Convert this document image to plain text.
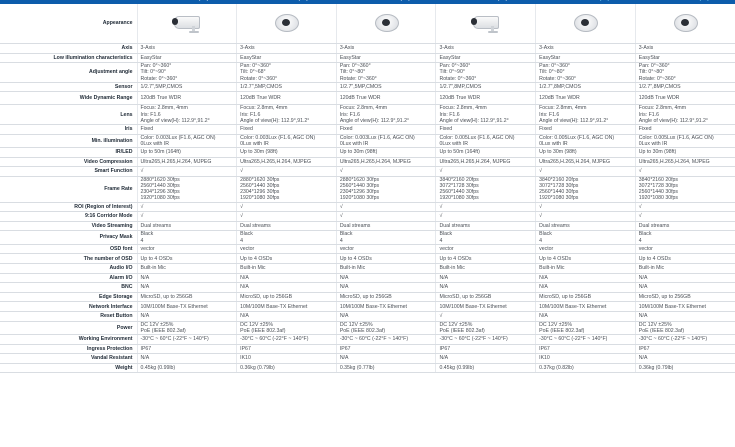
Appearance	

Axis	3-Axis	3-Axis	3-Axis	3-Axis	3-Axis	3-Axis

Low illumination characteristics	EasyStar	EasyStar	EasyStar	EasyStar	EasyStar	EasyStar

Adjustment angle	Pan: 0°~360°
Tilt: 0°~90°
Rotate: 0°~360°	Pan: 0°~360°
Tilt: 0°~68°
Rotate: 0°~360°	Pan: 0°~360°
Tilt: 0°~80°
Rotate: 0°~360°	Pan: 0°~360°
Tilt: 0°~90°
Rotate: 0°~360°	Pan: 0°~360°
Tilt: 0°~80°
Rotate: 0°~360°	Pan: 0°~360°
Tilt: 0°~80°
Rotate: 0°~360°

Sensor	1/2.7",5MP,CMOS	1/2.7",5MP,CMOS	1/2.7",5MP,CMOS	1/2.7",8MP,CMOS	1/2.7",8MP,CMOS	1/2.7",8MP,CMOS

Wide Dynamic Range	120dB True WDR	120dB True WDR	120dB True WDR	120dB True WDR	120dB True WDR	120dB True WDR

Lens	Focus: 2.8mm, 4mm
Iris: F1.6
Angle of view(H): 112.9°,91.2°	Focus: 2.8mm, 4mm
Iris: F1.6
Angle of view(H): 112.9°,91.2°	Focus: 2.8mm, 4mm
Iris: F1.6
Angle of view(H): 112.9°,91.2°	Focus: 2.8mm, 4mm
Iris: F1.6
Angle of view(H): 112.9°,91.2°	Focus: 2.8mm, 4mm
Iris: F1.6
Angle of view(H): 112.9°,91.2°	Focus: 2.8mm, 4mm
Iris: F1.6
Angle of view(H): 112.9°,91.2°

Iris	Fixed	Fixed	Fixed	Fixed	Fixed	Fixed

Min. illumination	Color: 0.003Lux (F1.6, AGC ON)
0Lux with IR	Color: 0.003Lux (F1.6, AGC ON)
0Lux with IR	Color: 0.003Lux (F1.6, AGC ON)
0Lux with IR	Color: 0.005Lux (F1.6, AGC ON)
0Lux with IR	Color: 0.005Lux (F1.6, AGC ON)
0Lux with IR	Color: 0.005Lux (F1.6, AGC ON)
0Lux with IR

IR/LED	Up to 50m (164ft)	Up to 30m (98ft)	Up to 30m (98ft)	Up to 50m (164ft)	Up to 30m (98ft)	Up to 30m (98ft)

Video Compression	Ultra265,H.265,H.264, MJPEG	Ultra265,H.265,H.264, MJPEG	Ultra265,H.265,H.264, MJPEG	Ultra265,H.265,H.264, MJPEG	Ultra265,H.265,H.264, MJPEG	Ultra265,H.265,H.264, MJPEG

Smart Function	√	√	√	√	√	√

Frame Rate	2880*1620 30fps
2560*1440 30fps
2304*1296 30fps
1920*1080 30fps	2880*1620 30fps
2560*1440 30fps
2304*1296 30fps
1920*1080 30fps	2880*1620 30fps
2560*1440 30fps
2304*1296 30fps
1920*1080 30fps	3840*2160 20fps
3072*1728 30fps
2560*1440 30fps
1920*1080 30fps	3840*2160 20fps
3072*1728 30fps
2560*1440 30fps
1920*1080 30fps	3840*2160 20fps
3072*1728 30fps
2560*1440 30fps
1920*1080 30fps

ROI (Region of Interest)	√	√	√	√	√	√

9:16 Corridor Mode	√	√	√	√	√	√

Video Streaming	Dual streams	Dual streams	Dual streams	Dual streams	Dual streams	Dual streams

Privacy Mask	Black
4	Black
4	Black
4	Black
4	Black
4	Black
4

OSD font	vector	vector	vector	vector	vector	vector

The number of OSD	Up to 4 OSDs	Up to 4 OSDs	Up to 4 OSDs	Up to 4 OSDs	Up to 4 OSDs	Up to 4 OSDs

Audio I/O	Built-in Mic	Built-in Mic	Built-in Mic	Built-in Mic	Built-in Mic	Built-in Mic

Alarm I/O	N/A	N/A	N/A	N/A	N/A	N/A

BNC	N/A	N/A	N/A	N/A	N/A	N/A

Edge Storage	MicroSD, up to 256GB	MicroSD, up to 256GB	MicroSD, up to 256GB	MicroSD, up to 256GB	MicroSD, up to 256GB	MicroSD, up to 256GB

Network Interface	10M/100M Base-TX Ethernet	10M/100M Base-TX Ethernet	10M/100M Base-TX Ethernet	10M/100M Base-TX Ethernet	10M/100M Base-TX Ethernet	10M/100M Base-TX Ethernet

Reset Button	N/A	N/A	N/A	√	N/A	N/A

Power	DC 12V ±25%
PoE (IEEE 802.3af)	DC 12V ±25%
PoE (IEEE 802.3af)	DC 12V ±25%
PoE (IEEE 802.3af)	DC 12V ±25%
PoE (IEEE 802.3af)	DC 12V ±25%
PoE (IEEE 802.3af)	DC 12V ±25%
PoE (IEEE 802.3af)

Working Environment	-30°C ~ 60°C (-22°F ~ 140°F)	-30°C ~ 60°C (-22°F ~ 140°F)	-30°C ~ 60°C (-22°F ~ 140°F)	-30°C ~ 60°C (-22°F ~ 140°F)	-30°C ~ 60°C (-22°F ~ 140°F)	-30°C ~ 60°C (-22°F ~ 140°F)

Ingress Protection	IP67	IP67	IP67	IP67	IP67	IP67

Vandal Resistant	N/A	IK10	N/A	N/A	IK10	N/A

Weight	0.45kg (0.99lb)	0.36kg (0.79lb)	0.35kg (0.77lb)	0.45kg (0.99lb)	0.37kg (0.82lb)	0.36kg (0.79lb)
